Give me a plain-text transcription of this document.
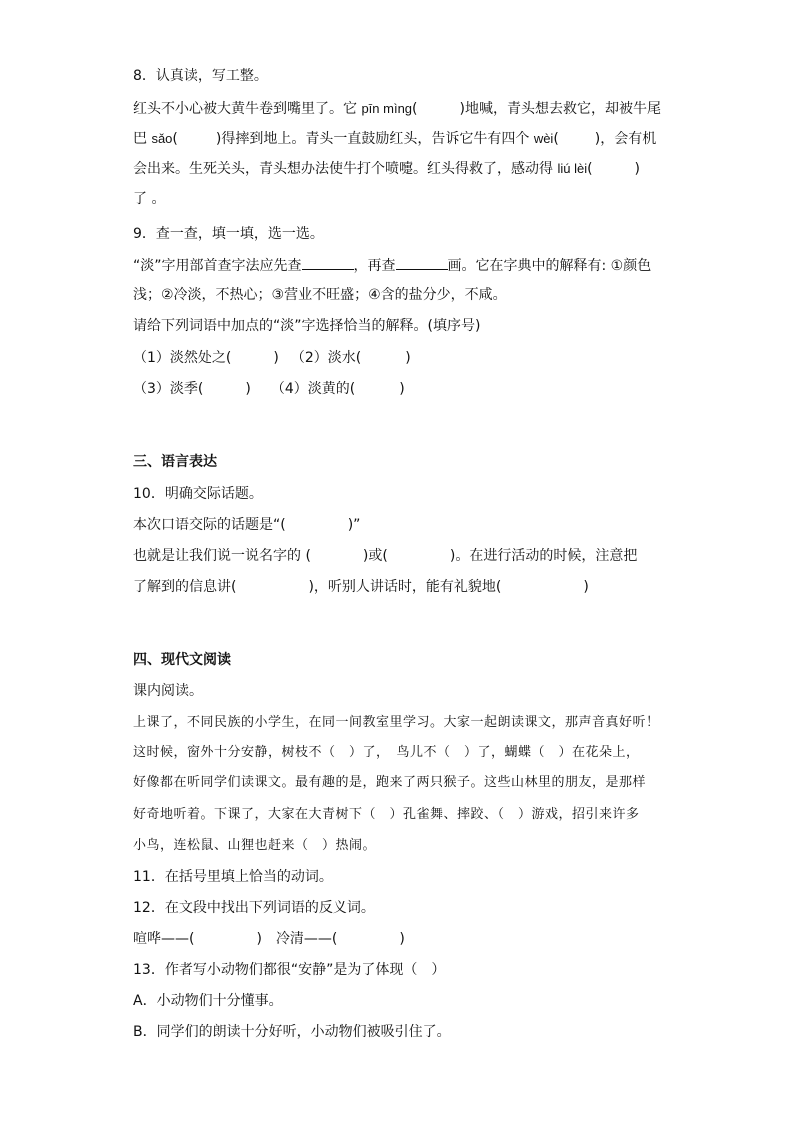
8．认真读，写工整。
红头不小心被大黄牛卷到嘴里了。它 pīn mìng(	)地喊，青头想去救它，却被牛尾
巴 sǎo(	)得摔到地上。青头一直鼓励红头，告诉它牛有四个 wèi(	)，会有机
会出来。生死关头，青头想办法使牛打个喷嚏。红头得救了，感动得 liú lèi(	)
了 。
9．查一查，填一填，选一选。
“淡”字用部首查字法应先查	，再查	画。它在字典中的解释有: ①颜色
浅；②冷淡，不热心；③营业不旺盛；④含的盐分少，不咸。
请给下列词语中加点的“淡”字选择恰当的解释。(填序号)
（1）淡然处之(	) （2）淡水(	)
（3）淡季(	) （4）淡黄的(	)
三、语言表达
10．明确交际话题。
本次口语交际的话题是“(	)”
也就是让我们说一说名字的 (	)或(	)。在进行活动的时候，注意把
了解到的信息讲(	)，听别人讲话时，能有礼貌地(	)
四、现代文阅读
课内阅读。
上课了，不同民族的小学生，在同一间教室里学习。大家一起朗读课文，那声音真好听！
这时候，窗外十分安静，树枝不（　）了，　鸟儿不（　）了，蝴蝶（　）在花朵上，
好像都在听同学们读课文。最有趣的是，跑来了两只猴子。这些山林里的朋友，是那样
好奇地听着。下课了，大家在大青树下（　）孔雀舞、摔跤、（　）游戏，招引来许多
小鸟，连松鼠、山狸也赶来（　）热闹。
11．在括号里填上恰当的动词。
12．在文段中找出下列词语的反义词。
喧哗——(	) 冷清——(	)
13．作者写小动物们都很“安静”是为了体现（　）
A．小动物们十分懂事。
B．同学们的朗读十分好听，小动物们被吸引住了。
